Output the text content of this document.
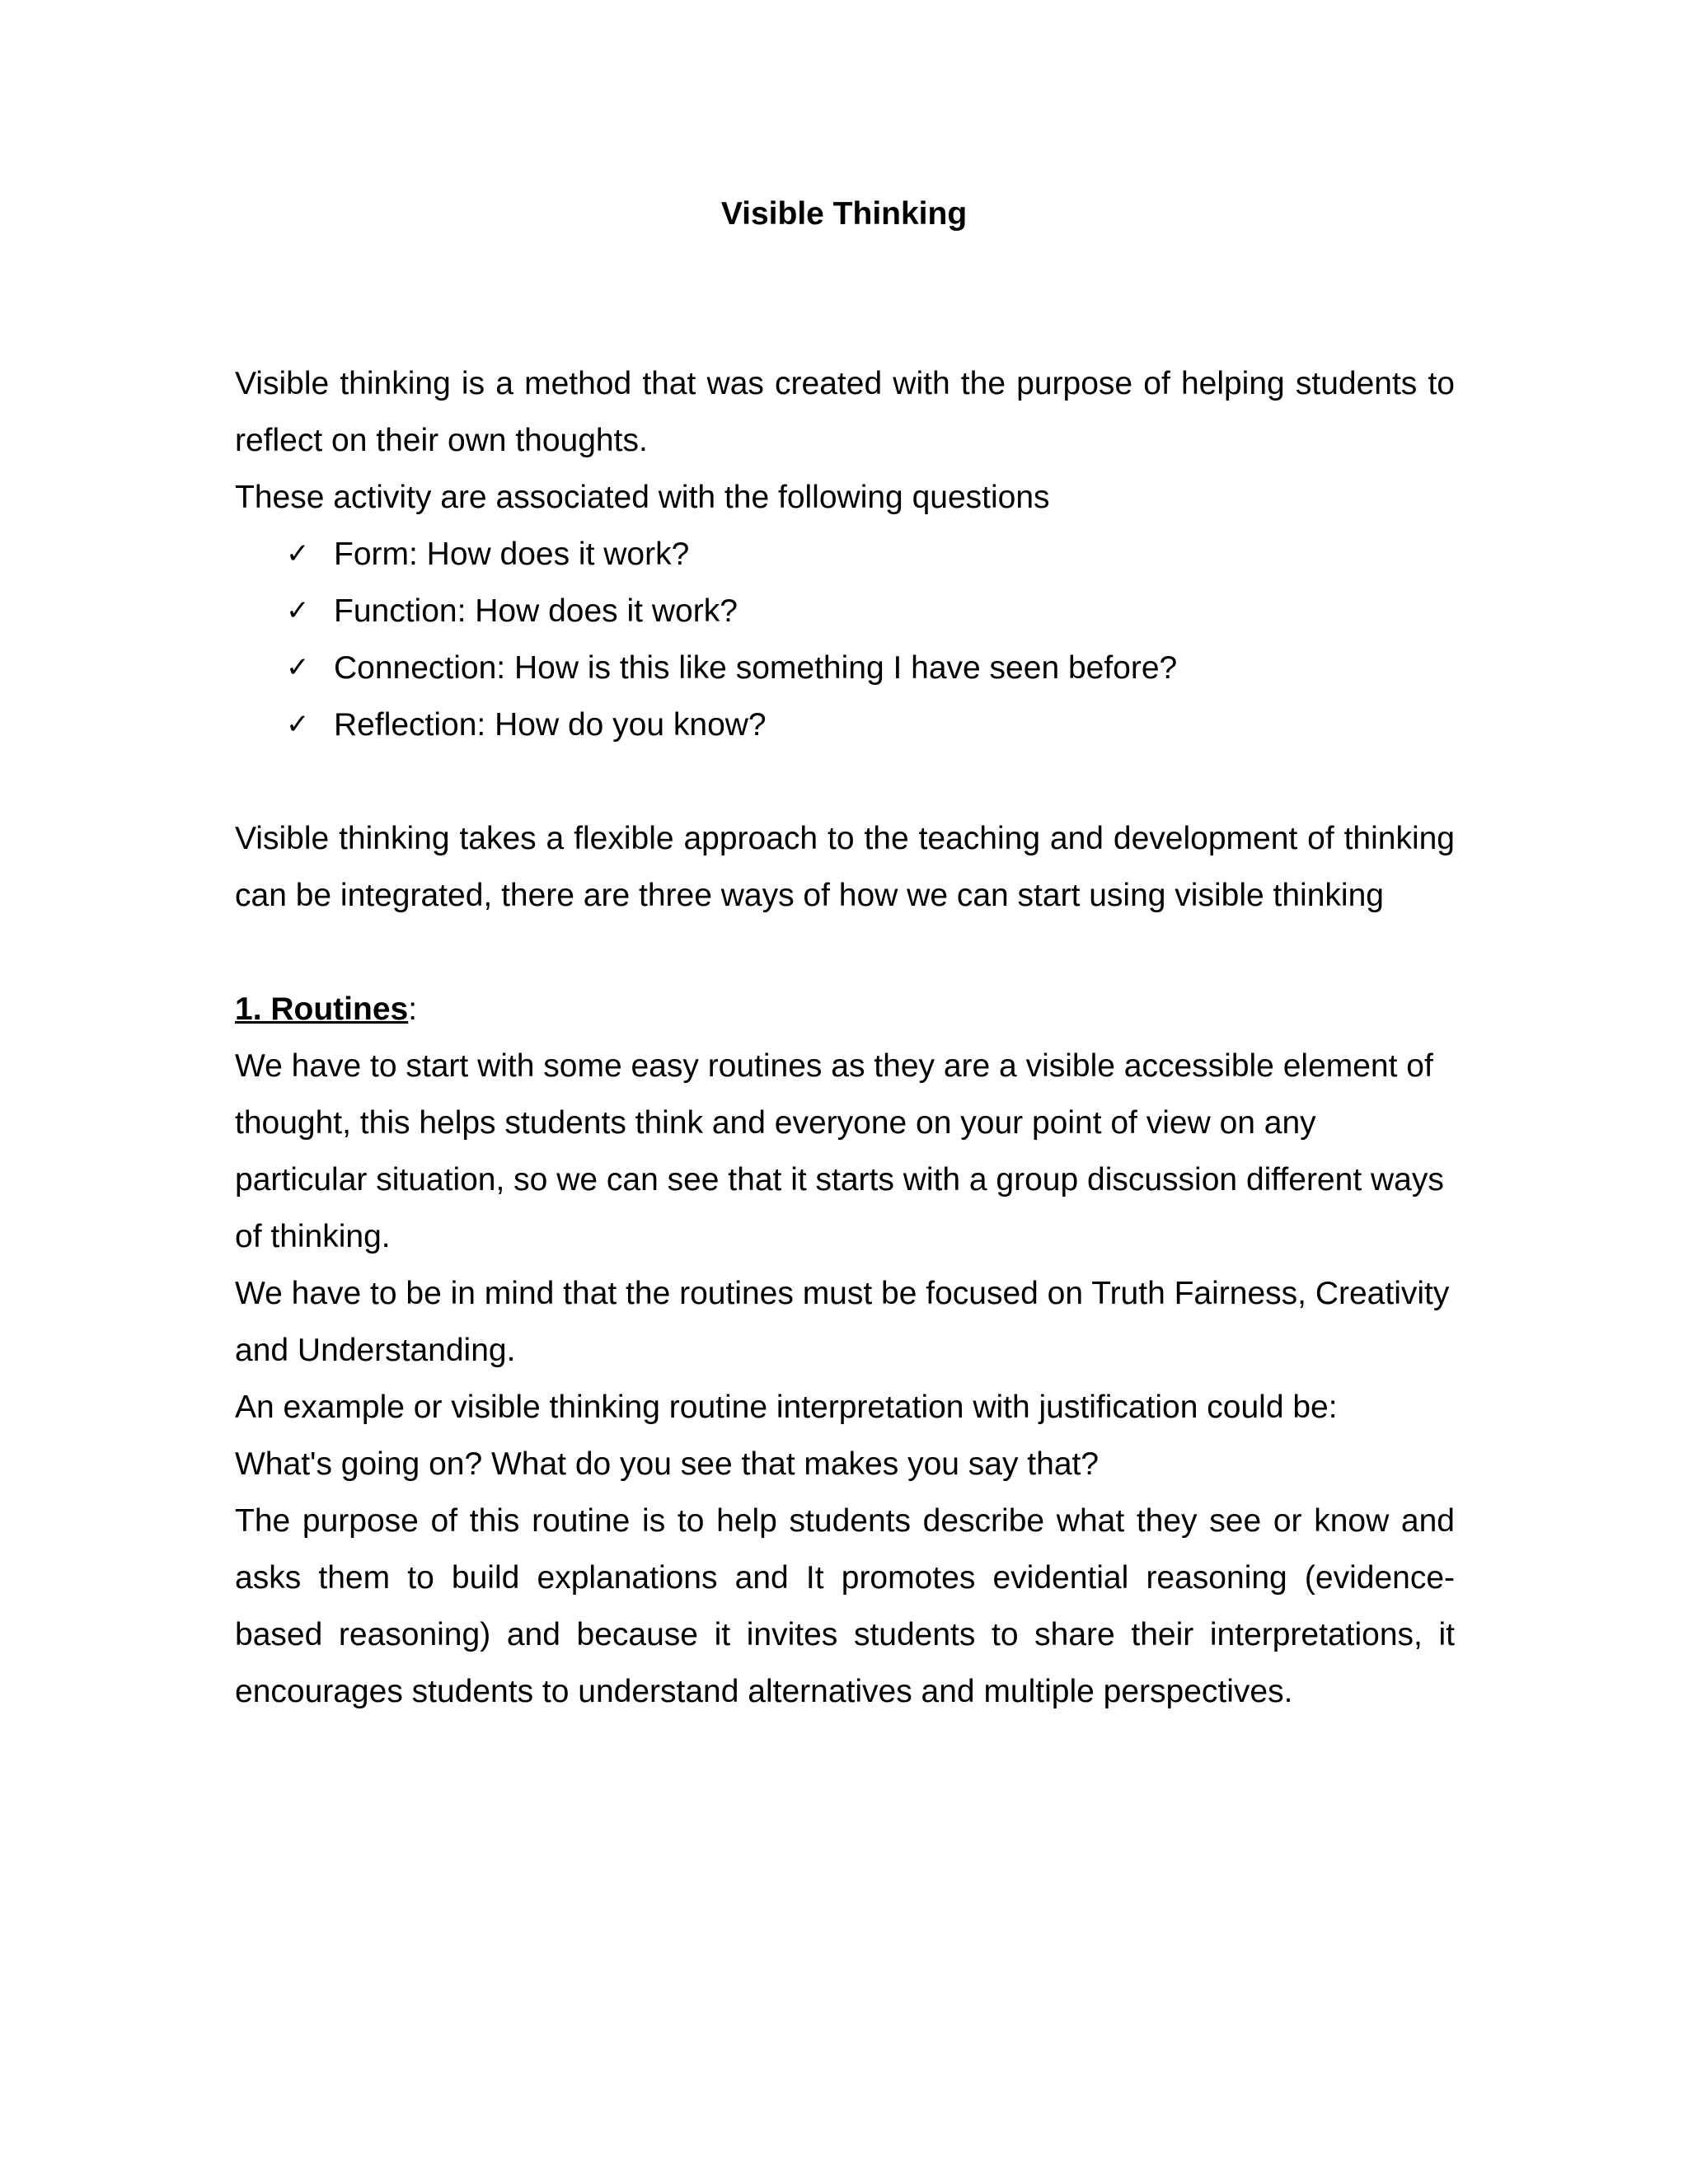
Visible Thinking

Visible thinking is a method that was created with the purpose of helping students to reflect on their own thoughts.

These activity are associated with the following questions

✓ Form: How does it work?
✓ Function: How does it work?
✓ Connection: How is this like something I have seen before?
✓ Reflection: How do you know?

Visible thinking takes a flexible approach to the teaching and development of thinking can be integrated, there are three ways of how we can start using visible thinking

1. Routines:

We have to start with some easy routines as they are a visible accessible element of thought, this helps students think and everyone on your point of view on any particular situation, so we can see that it starts with a group discussion different ways of thinking.

We have to be in mind that the routines must be focused on Truth Fairness, Creativity and Understanding.

An example or visible thinking routine interpretation with justification could be:

What's going on? What do you see that makes you say that?

The purpose of this routine is to help students describe what they see or know and asks them to build explanations and It promotes evidential reasoning (evidence-based reasoning) and because it invites students to share their interpretations, it encourages students to understand alternatives and multiple perspectives.
